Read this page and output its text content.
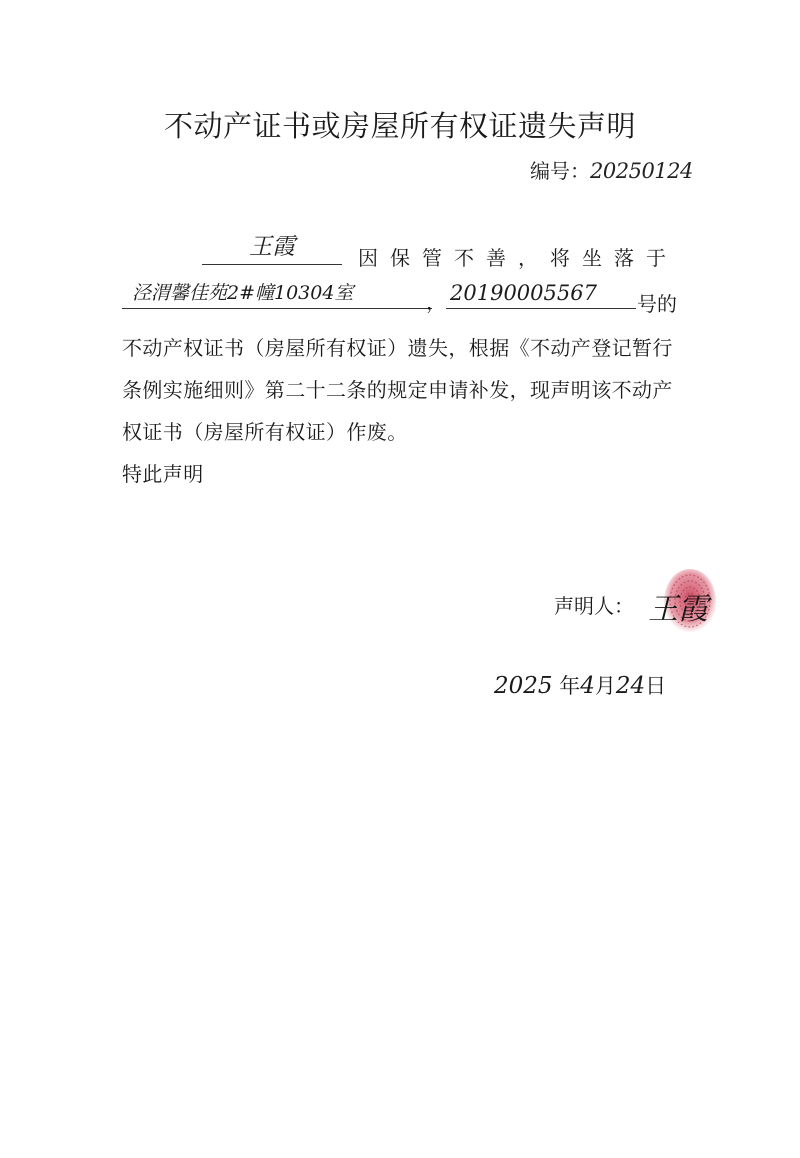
不动产证书或房屋所有权证遗失声明
编号：20250124
王霞	因保管不善，将坐落于
泾渭馨佳苑2#幢10304室	， 20190005567	号的
不动产权证书（房屋所有权证）遗失，根据《不动产登记暂行
条例实施细则》第二十二条的规定申请补发，现声明该不动产
权证书（房屋所有权证）作废。
特此声明
声明人： 王霞
2025 年4月24日
